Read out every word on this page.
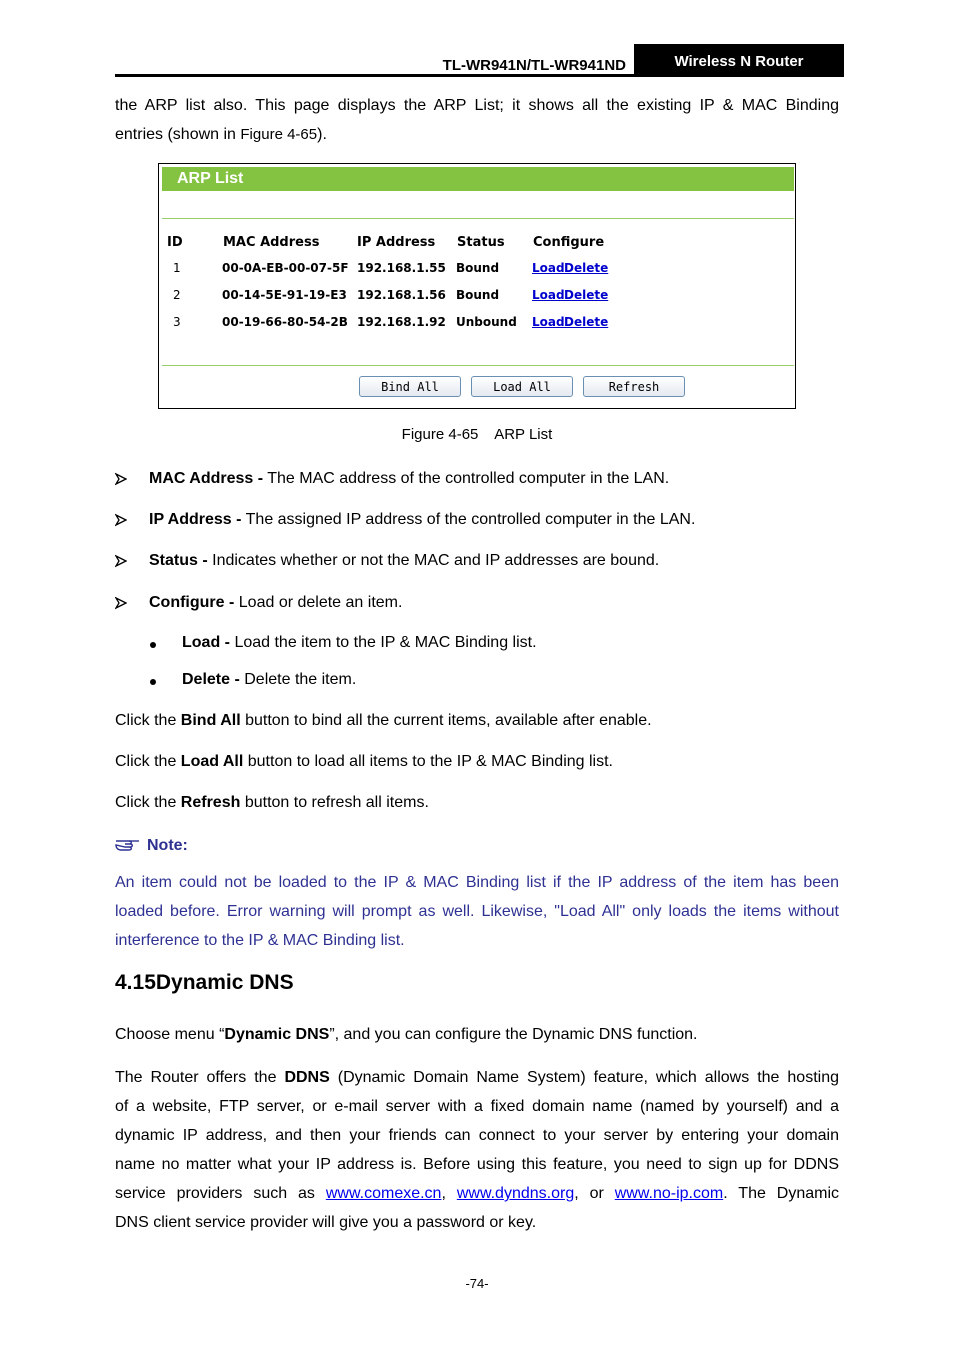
TL-WR941N/TL-WR941ND	Wireless N Router
the ARP list also. This page displays the ARP List; it shows all the existing IP & MAC Binding
entries (shown in Figure 4-65).
ARP List
ID	MAC Address	IP Address Status Configure
1	00-0A-EB-00-07-5F 192.168.1.55 Bound	Load Delete
2	00-14-5E-91-19-E3 192.168.1.56 Bound	Load Delete
3	00-19-66-80-54-2B 192.168.1.92 Unbound Load Delete
Bind All	Load All	Refresh
Figure 4-65    ARP List
MAC Address - The MAC address of the controlled computer in the LAN.
IP Address - The assigned IP address of the controlled computer in the LAN.
Status - Indicates whether or not the MAC and IP addresses are bound.
Configure - Load or delete an item.
Load - Load the item to the IP & MAC Binding list.
Delete - Delete the item.
Click the Bind All button to bind all the current items, available after enable.
Click the Load All button to load all items to the IP & MAC Binding list.
Click the Refresh button to refresh all items.
Note:
An item could not be loaded to the IP & MAC Binding list if the IP address of the item has been
loaded before. Error warning will prompt as well. Likewise, "Load All" only loads the items without
interference to the IP & MAC Binding list.
4.15Dynamic DNS
Choose menu “Dynamic DNS”, and you can configure the Dynamic DNS function.
The Router offers the DDNS (Dynamic Domain Name System) feature, which allows the hosting
of a website, FTP server, or e-mail server with a fixed domain name (named by yourself) and a
dynamic IP address, and then your friends can connect to your server by entering your domain
name no matter what your IP address is. Before using this feature, you need to sign up for DDNS
service providers such as www.comexe.cn, www.dyndns.org, or www.no-ip.com. The Dynamic
DNS client service provider will give you a password or key.
-74-
